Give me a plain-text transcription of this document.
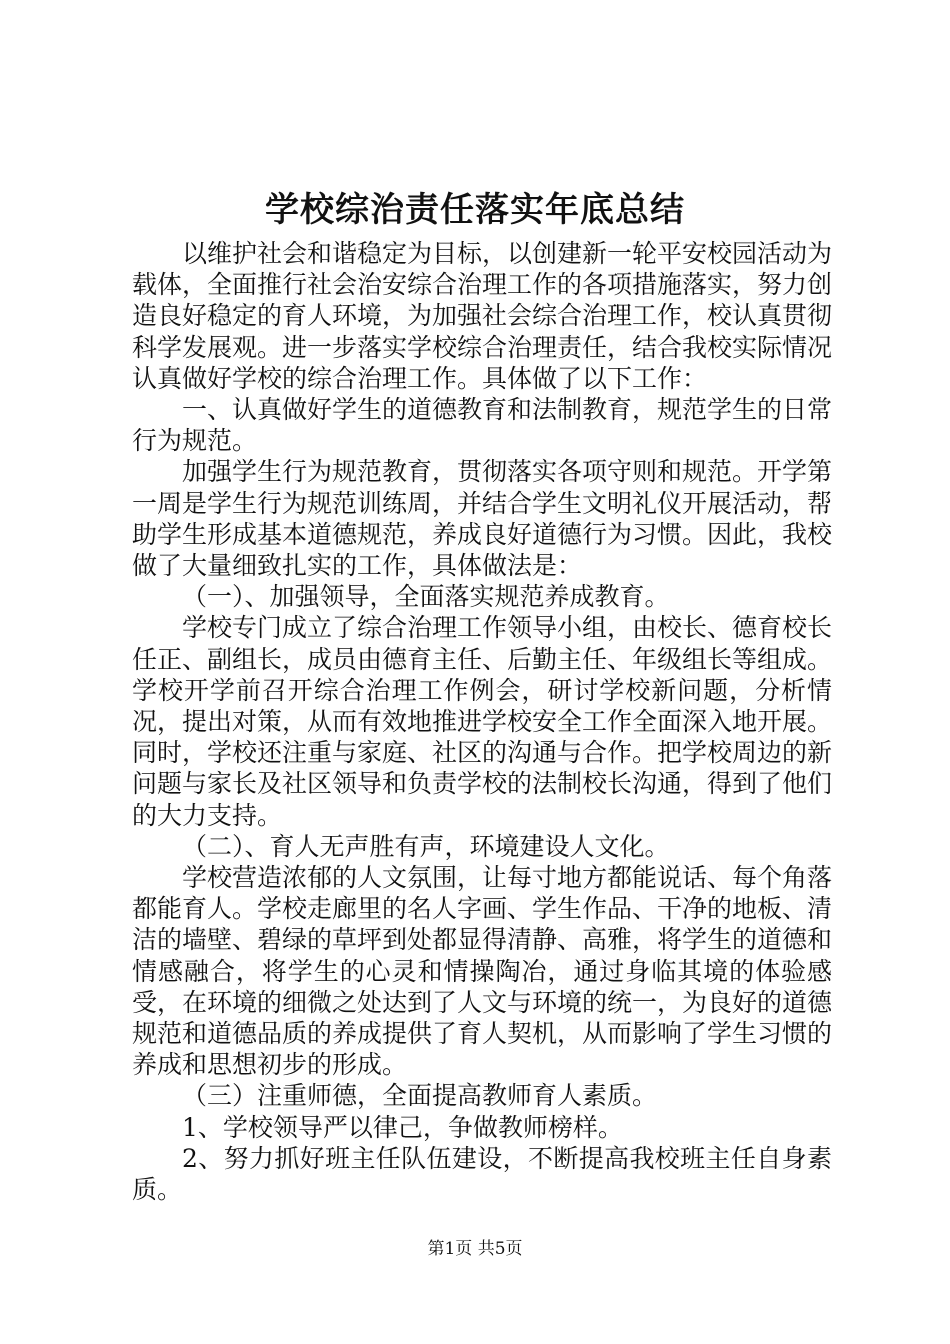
学校综治责任落实年底总结

以维护社会和谐稳定为目标，以创建新一轮平安校园活动为载体，全面推行社会治安综合治理工作的各项措施落实，努力创造良好稳定的育人环境，为加强社会综合治理工作，校认真贯彻科学发展观。进一步落实学校综合治理责任，结合我校实际情况认真做好学校的综合治理工作。具体做了以下工作：

一、认真做好学生的道德教育和法制教育，规范学生的日常行为规范。

加强学生行为规范教育，贯彻落实各项守则和规范。开学第一周是学生行为规范训练周，并结合学生文明礼仪开展活动，帮助学生形成基本道德规范，养成良好道德行为习惯。因此，我校做了大量细致扎实的工作，具体做法是：

（一）、加强领导，全面落实规范养成教育。

学校专门成立了综合治理工作领导小组，由校长、德育校长任正、副组长，成员由德育主任、后勤主任、年级组长等组成。学校开学前召开综合治理工作例会，研讨学校新问题，分析情况，提出对策，从而有效地推进学校安全工作全面深入地开展。同时，学校还注重与家庭、社区的沟通与合作。把学校周边的新问题与家长及社区领导和负责学校的法制校长沟通，得到了他们的大力支持。

（二）、育人无声胜有声，环境建设人文化。

学校营造浓郁的人文氛围，让每寸地方都能说话、每个角落都能育人。学校走廊里的名人字画、学生作品、干净的地板、清洁的墙壁、碧绿的草坪到处都显得清静、高雅，将学生的道德和情感融合，将学生的心灵和情操陶冶，通过身临其境的体验感受，在环境的细微之处达到了人文与环境的统一，为良好的道德规范和道德品质的养成提供了育人契机，从而影响了学生习惯的养成和思想初步的形成。

（三）注重师德，全面提高教师育人素质。

1、学校领导严以律己，争做教师榜样。

2、努力抓好班主任队伍建设，不断提高我校班主任自身素质。

第1页 共5页
